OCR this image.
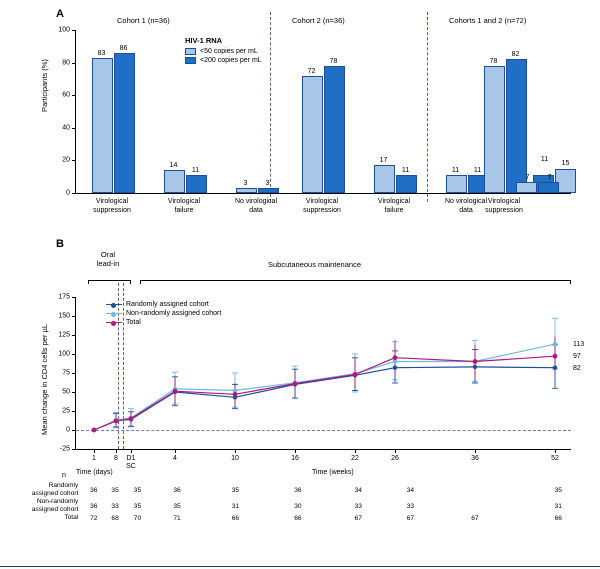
A
Cohort 1 (n=36)	Cohort 2 (n=36)	Cohorts 1 and 2 (n=72)
Participants (%)
0
20
40
60
80
100
83
86
14
11
3	3
72
78
17
11	11	11
78
82
15
11
7	7
Virological
suppression
Virological
failure
No virological
data
Virological
suppression
Virological
failure
No virological
data
Virological
suppression
HIV-1 RNA
<50 copies per mL
<200 copies per mL
B
Oral
lead-in	Subcutaneous maintenance
Mean change in CD4 cells per µL
-25
0
25
50
75
100
125
150
175
1	8 D1
SC
4	10	16	22	26	36	52
Randomly assigned cohort
Non-randomly assigned cohort
Total
113
97
82
Time (days)	Time (weeks)
n
Randomly
assigned cohort	36	35	35	36	35	36	34	34		35
Non-randomly
assigned cohort	36	33	35	35	31	30	33	33		31
Total	72	68	70	71	66	66	67	67	67	66
